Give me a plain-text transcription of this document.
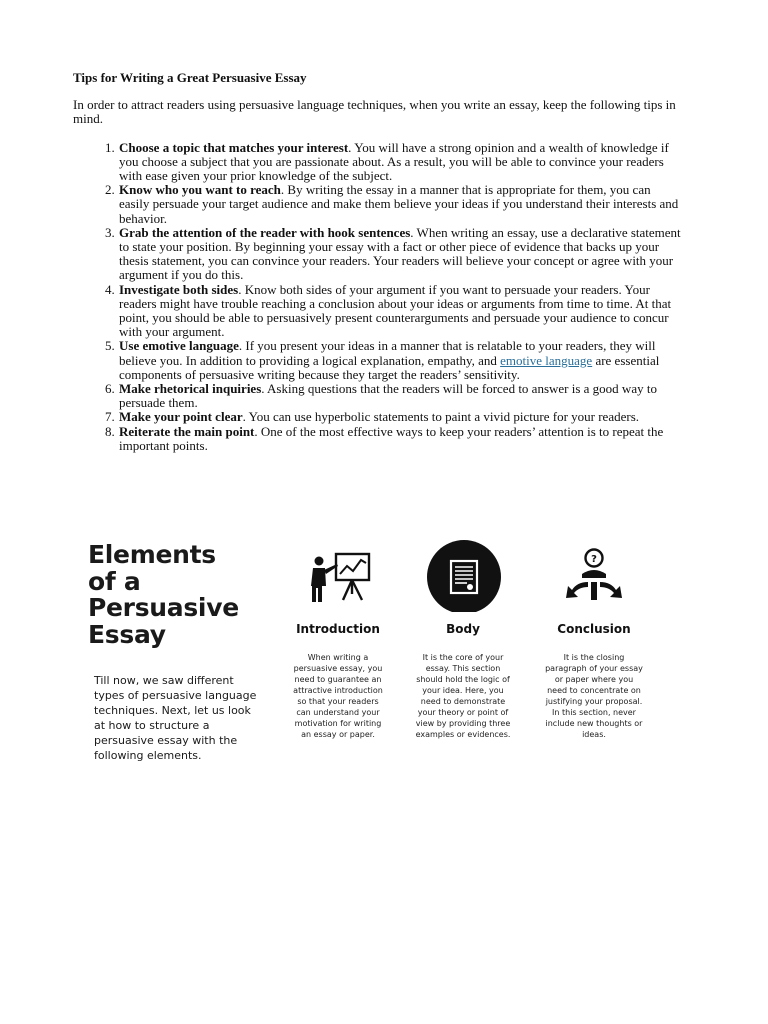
Tips for Writing a Great Persuasive Essay

In order to attract readers using persuasive language techniques, when you write an essay, keep the following tips in mind.

1. Choose a topic that matches your interest. You will have a strong opinion and a wealth of knowledge if you choose a subject that you are passionate about. As a result, you will be able to convince your readers with ease given your prior knowledge of the subject.
2. Know who you want to reach. By writing the essay in a manner that is appropriate for them, you can easily persuade your target audience and make them believe your ideas if you understand their interests and behavior.
3. Grab the attention of the reader with hook sentences. When writing an essay, use a declarative statement to state your position. By beginning your essay with a fact or other piece of evidence that backs up your thesis statement, you can convince your readers. Your readers will believe your concept or agree with your argument if you do this.
4. Investigate both sides. Know both sides of your argument if you want to persuade your readers. Your readers might have trouble reaching a conclusion about your ideas or arguments from time to time. At that point, you should be able to persuasively present counterarguments and persuade your audience to concur with your argument.
5. Use emotive language. If you present your ideas in a manner that is relatable to your readers, they will believe you. In addition to providing a logical explanation, empathy, and emotive language are essential components of persuasive writing because they target the readers’ sensitivity.
6. Make rhetorical inquiries. Asking questions that the readers will be forced to answer is a good way to persuade them.
7. Make your point clear. You can use hyperbolic statements to paint a vivid picture for your readers.
8. Reiterate the main point. One of the most effective ways to keep your readers’ attention is to repeat the important points.
Elements
of a
Persuasive
Essay
Till now, we saw different types of persuasive language techniques. Next, let us look at how to structure a persuasive essay with the following elements.
Introduction
When writing a persuasive essay, you need to guarantee an attractive introduction so that your readers can understand your motivation for writing an essay or paper.
Body
It is the core of your essay. This section should hold the logic of your idea. Here, you need to demonstrate your theory or point of view by providing three examples or evidences.
?
Conclusion
It is the closing paragraph of your essay or paper where you need to concentrate on justifying your proposal. In this section, never include new thoughts or ideas.
